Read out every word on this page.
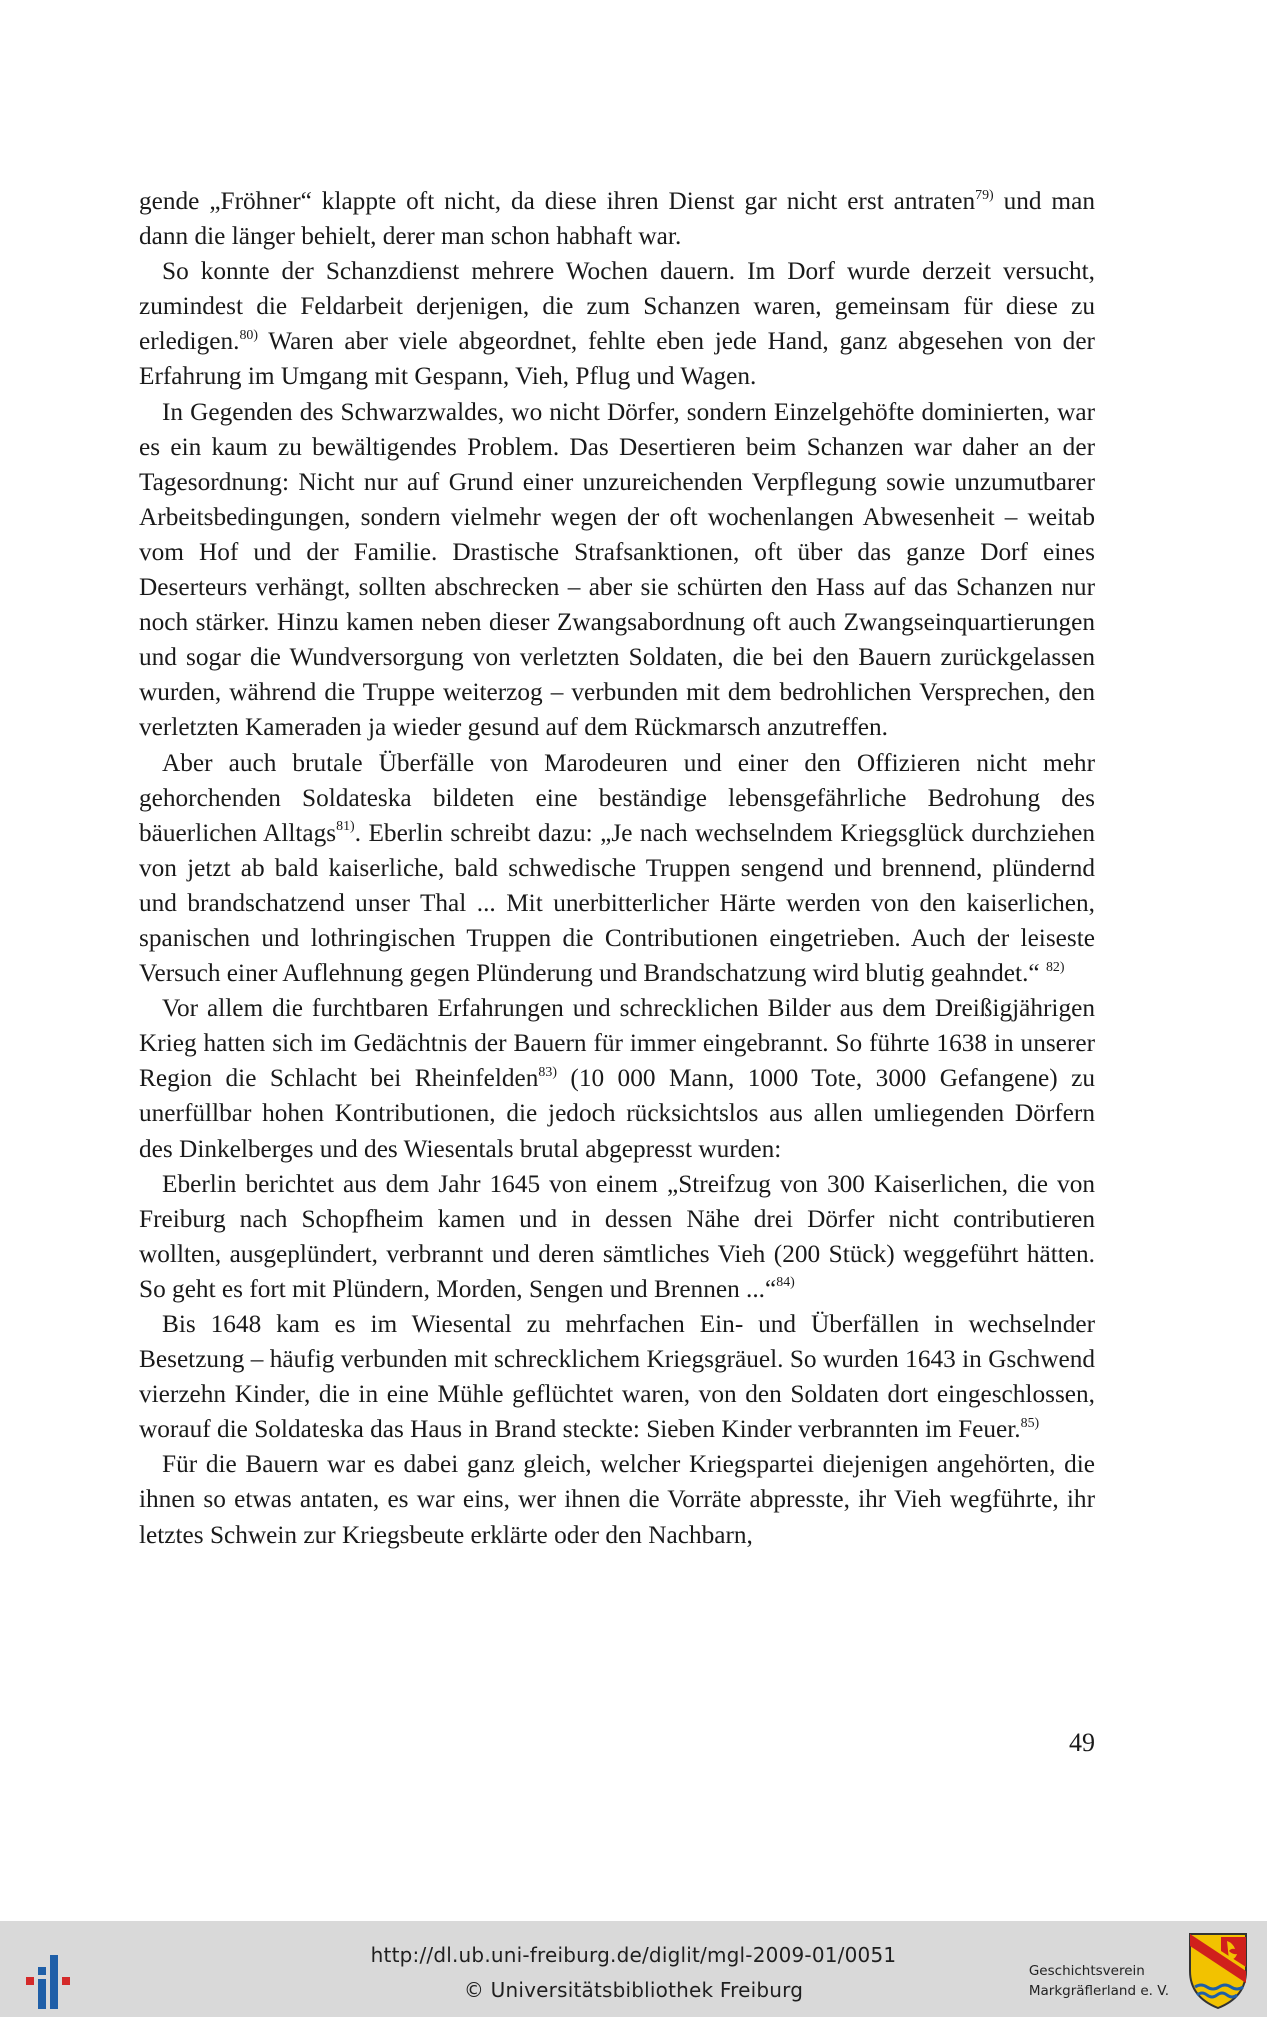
gende „Fröhner“ klappte oft nicht, da diese ihren Dienst gar nicht erst antraten$^{79)}$ und man dann die länger behielt, derer man schon habhaft war.

So konnte der Schanzdienst mehrere Wochen dauern. Im Dorf wurde derzeit versucht, zumindest die Feldarbeit derjenigen, die zum Schanzen waren, gemeinsam für diese zu erledigen.$^{80)}$ Waren aber viele abgeordnet, fehlte eben jede Hand, ganz abgesehen von der Erfahrung im Umgang mit Gespann, Vieh, Pflug und Wagen.

In Gegenden des Schwarzwaldes, wo nicht Dörfer, sondern Einzelgehöfte dominierten, war es ein kaum zu bewältigendes Problem. Das Desertieren beim Schanzen war daher an der Tagesordnung: Nicht nur auf Grund einer unzureichenden Verpflegung sowie unzumutbarer Arbeitsbedingungen, sondern vielmehr wegen der oft wochenlangen Abwesenheit – weitab vom Hof und der Familie. Drastische Strafsanktionen, oft über das ganze Dorf eines Deserteurs verhängt, sollten abschrecken – aber sie schürten den Hass auf das Schanzen nur noch stärker. Hinzu kamen neben dieser Zwangsabordnung oft auch Zwangseinquartierungen und sogar die Wundversorgung von verletzten Soldaten, die bei den Bauern zurückgelassen wurden, während die Truppe weiterzog – verbunden mit dem bedrohlichen Versprechen, den verletzten Kameraden ja wieder gesund auf dem Rückmarsch anzutreffen.

Aber auch brutale Überfälle von Marodeuren und einer den Offizieren nicht mehr gehorchenden Soldateska bildeten eine beständige lebensgefährliche Bedrohung des bäuerlichen Alltags$^{81)}$. Eberlin schreibt dazu: „Je nach wechselndem Kriegsglück durchziehen von jetzt ab bald kaiserliche, bald schwedische Truppen sengend und brennend, plündernd und brandschatzend unser Thal ... Mit unerbitterlicher Härte werden von den kaiserlichen, spanischen und lothringischen Truppen die Contributionen eingetrieben. Auch der leiseste Versuch einer Auflehnung gegen Plünderung und Brandschatzung wird blutig geahndet.“ $^{82)}$

Vor allem die furchtbaren Erfahrungen und schrecklichen Bilder aus dem Dreißigjährigen Krieg hatten sich im Gedächtnis der Bauern für immer eingebrannt. So führte 1638 in unserer Region die Schlacht bei Rheinfelden$^{83)}$ (10 000 Mann, 1000 Tote, 3000 Gefangene) zu unerfüllbar hohen Kontributionen, die jedoch rücksichtslos aus allen umliegenden Dörfern des Dinkelberges und des Wiesentals brutal abgepresst wurden:

Eberlin berichtet aus dem Jahr 1645 von einem „Streifzug von 300 Kaiserlichen, die von Freiburg nach Schopfheim kamen und in dessen Nähe drei Dörfer nicht contributieren wollten, ausgeplündert, verbrannt und deren sämtliches Vieh (200 Stück) weggeführt hätten. So geht es fort mit Plündern, Morden, Sengen und Brennen ...“$^{84)}$

Bis 1648 kam es im Wiesental zu mehrfachen Ein- und Überfällen in wechselnder Besetzung – häufig verbunden mit schrecklichem Kriegsgräuel. So wurden 1643 in Gschwend vierzehn Kinder, die in eine Mühle geflüchtet waren, von den Soldaten dort eingeschlossen, worauf die Soldateska das Haus in Brand steckte: Sieben Kinder verbrannten im Feuer.$^{85)}$

Für die Bauern war es dabei ganz gleich, welcher Kriegspartei diejenigen angehörten, die ihnen so etwas antaten, es war eins, wer ihnen die Vorräte abpresste, ihr Vieh wegführte, ihr letztes Schwein zur Kriegsbeute erklärte oder den Nachbarn,

49
http://dl.ub.uni-freiburg.de/diglit/mgl-2009-01/0051
© Universitätsbibliothek Freiburg
Geschichtsverein
Markgräflerland e. V.
